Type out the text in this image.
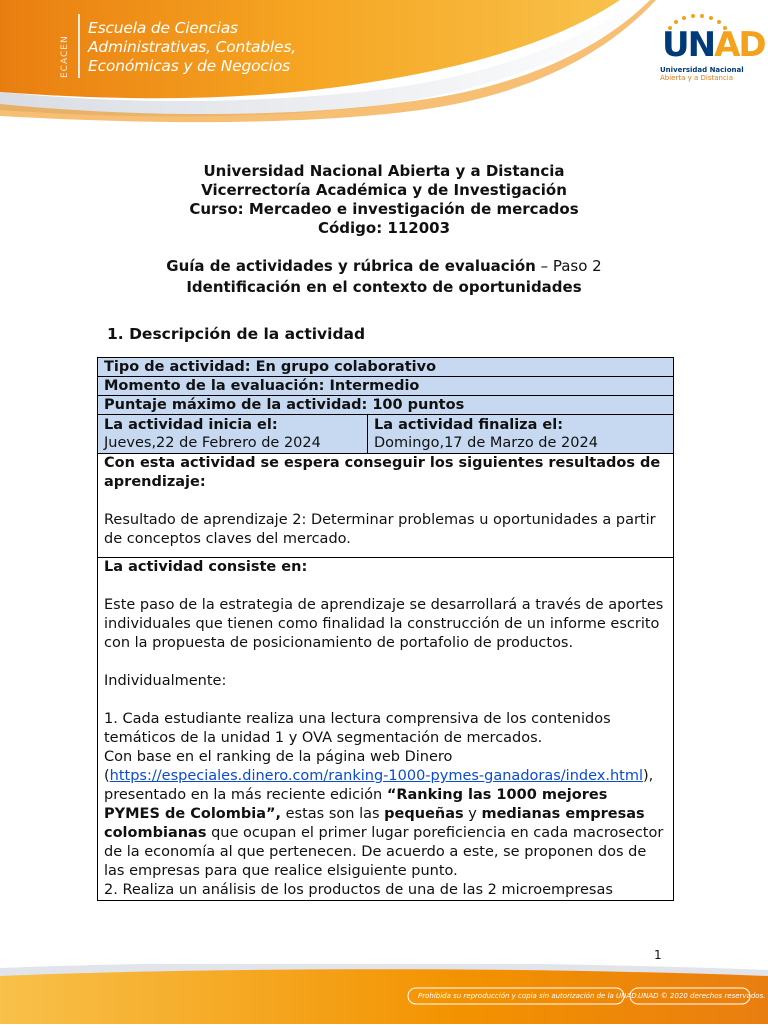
ECACEN
Escuela de Ciencias
Administrativas, Contables,
Económicas y de Negocios
UNAD
Universidad Nacional
Abierta y a Distancia
Universidad Nacional Abierta y a Distancia
Vicerrectoría Académica y de Investigación
Curso: Mercadeo e investigación de mercados
Código: 112003
Guía de actividades y rúbrica de evaluación – Paso 2
Identificación en el contexto de oportunidades
1. Descripción de la actividad
Tipo de actividad: En grupo colaborativo
Momento de la evaluación: Intermedio
Puntaje máximo de la actividad: 100 puntos
La actividad inicia el:
Jueves,22 de Febrero de 2024
La actividad finaliza el:
Domingo,17 de Marzo de 2024

Con esta actividad se espera conseguir los siguientes resultados de aprendizaje:

Resultado de aprendizaje 2: Determinar problemas u oportunidades a partir de conceptos claves del mercado.

La actividad consiste en:

Este paso de la estrategia de aprendizaje se desarrollará a través de aportes individuales que tienen como finalidad la construcción de un informe escrito con la propuesta de posicionamiento de portafolio de productos.

Individualmente:

1. Cada estudiante realiza una lectura comprensiva de los contenidos temáticos de la unidad 1 y OVA segmentación de mercados.

Con base en el ranking de la página web Dinero (https://especiales.dinero.com/ranking-1000-pymes-ganadoras/index.html), presentado en la más reciente edición “Ranking las 1000 mejores PYMES de Colombia”, estas son las pequeñas y medianas empresas colombianas que ocupan el primer lugar poreficiencia en cada macrosector de la economía al que pertenecen. De acuerdo a este, se proponen dos de las empresas para que realice elsiguiente punto.

2. Realiza un análisis de los productos de una de las 2 microempresas

1
Prohibida su reproducción y copia sin autorización de la UNAD. UNAD © 2020 derechos reservados.
